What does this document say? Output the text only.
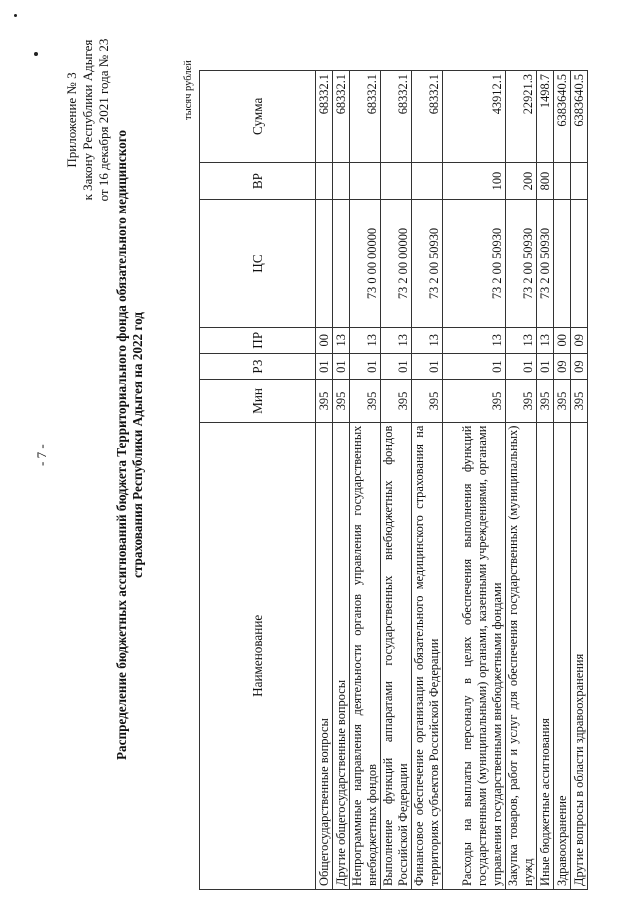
- 7 -
Приложение № 3 к Закону Республики Адыгея от 16 декабря 2021 года № 23
Распределение бюджетных ассигнований бюджета Территориального фонда обязательного медицинского страхования Республики Адыгея на 2022 год
тысяч рублей
Наименование	Мин	РЗ	ПР	ЦС	ВР	Сумма
Общегосударственные вопросы	395	01	00			68332.1
Другие общегосударственные вопросы	395	01	13			68332.1
Непрограммные направления деятельности органов управления государственных внебюджетных фондов	395	01	13	73 0 00 00000		68332.1
Выполнение функций аппаратами государственных внебюджетных фондов Российской Федерации	395	01	13	73 2 00 00000		68332.1
Финансовое обеспечение организации обязательного медицинского страхования на территориях субъектов Российской Федерации	395	01	13	73 2 00 50930		68332.1
Расходы на выплаты персоналу в целях обеспечения выполнения функций государственными (муниципальными) органами, казенными учреждениями, органами управления государственными внебюджетными фондами	395	01	13	73 2 00 50930	100	43912.1
Закупка товаров, работ и услуг для обеспечения государственных (муниципальных) нужд	395	01	13	73 2 00 50930	200	22921.3
Иные бюджетные ассигнования	395	01	13	73 2 00 50930	800	1498.7
Здравоохранение	395	09	00			6383640.5
Другие вопросы в области здравоохранения	395	09	09			6383640.5
